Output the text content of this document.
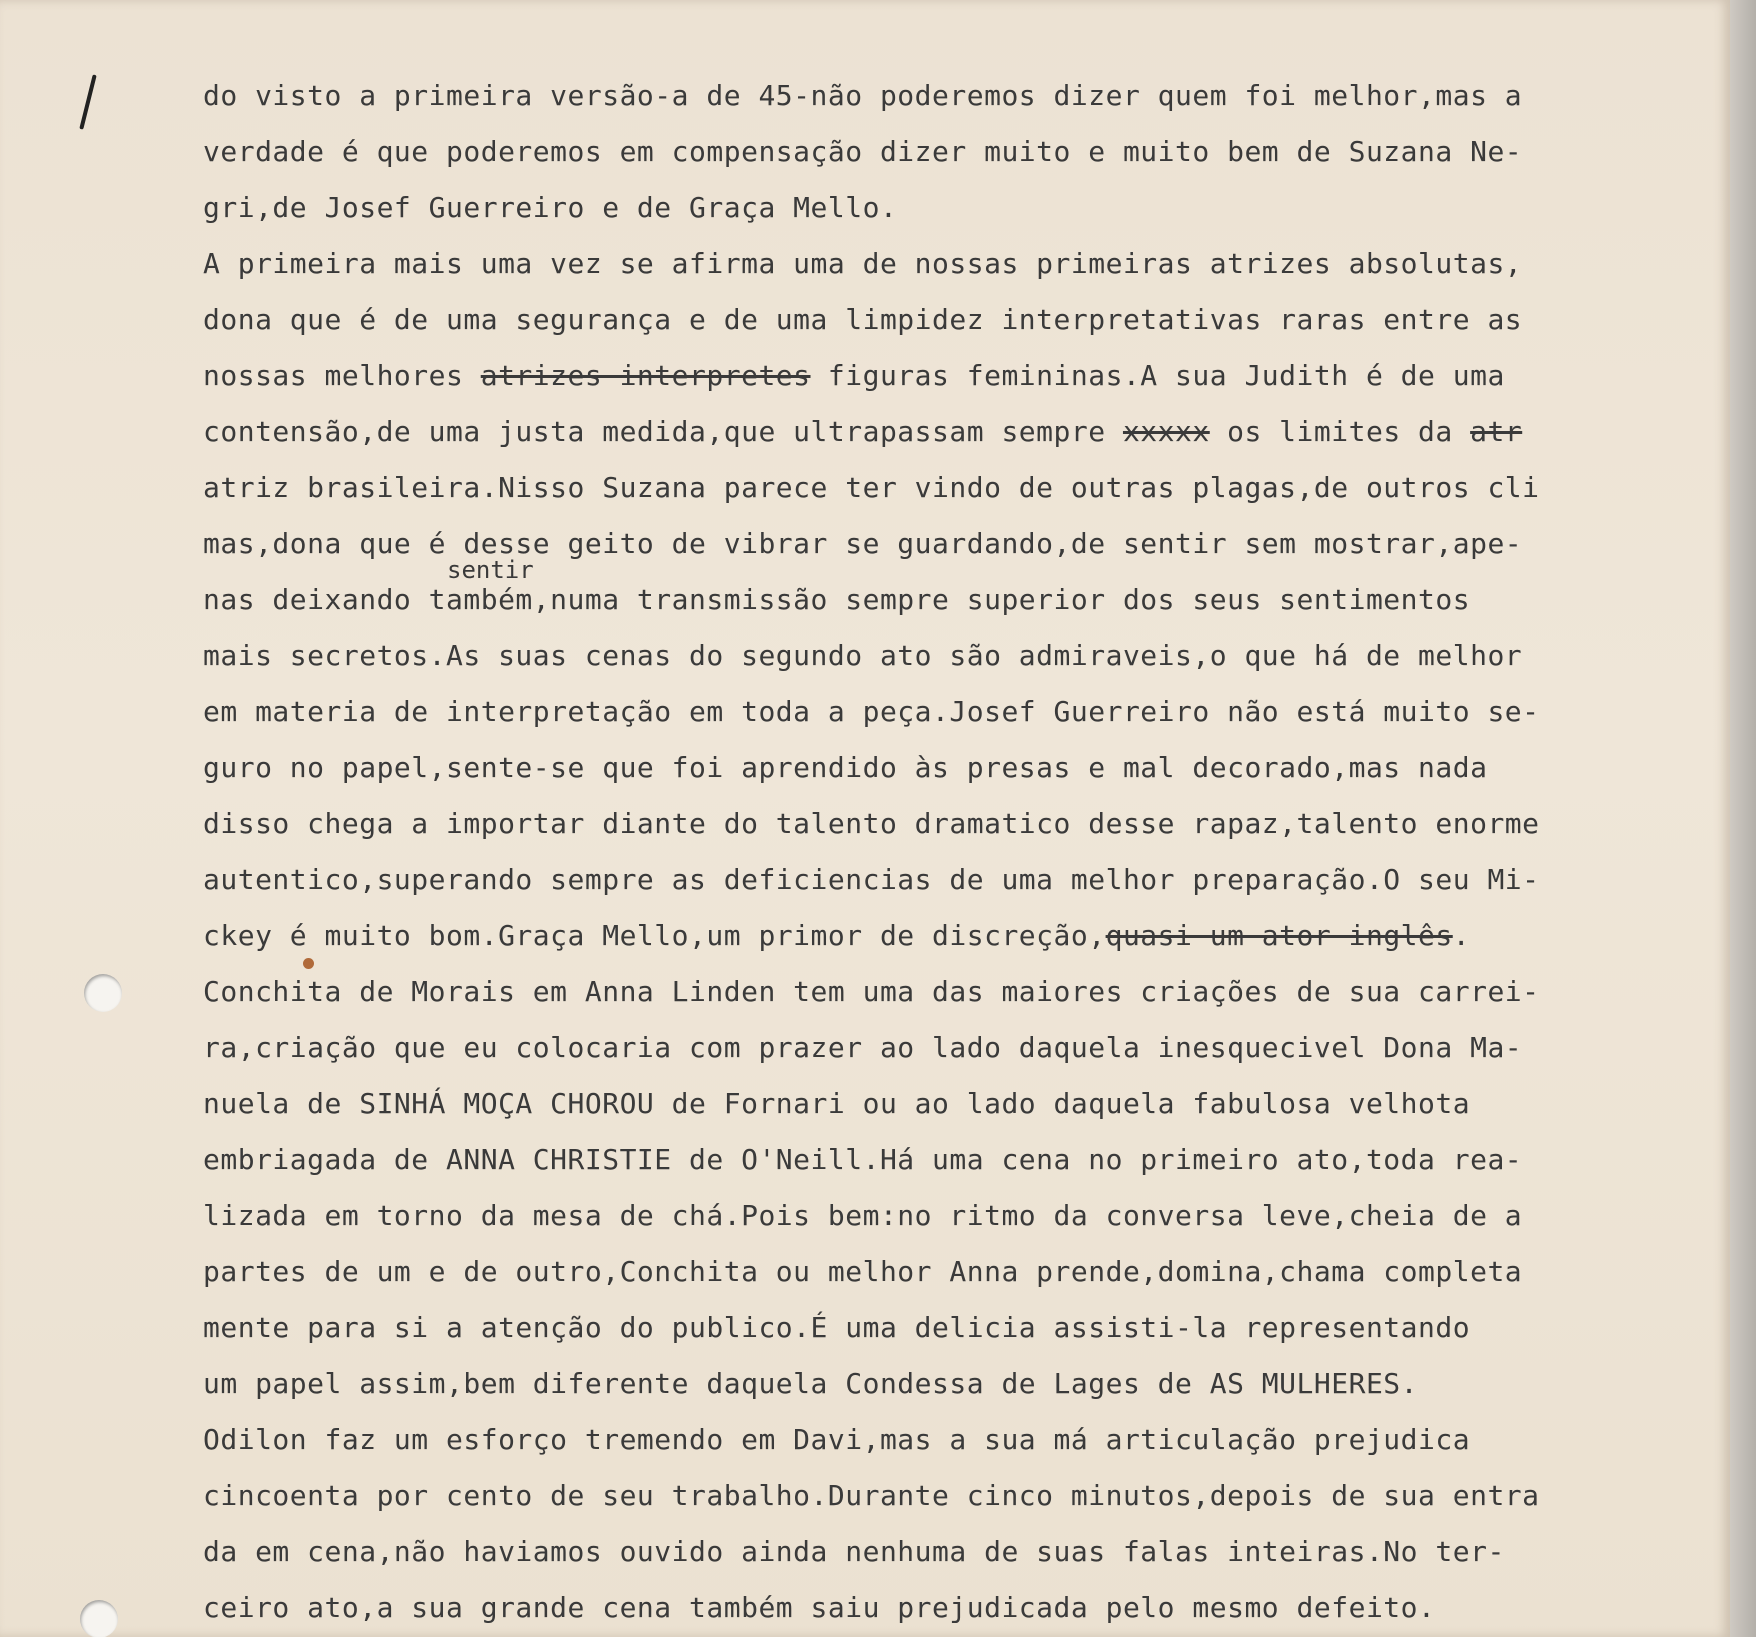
do visto a primeira versão-a de 45-não poderemos dizer quem foi melhor,mas a
verdade é que poderemos em compensação dizer muito e muito bem de Suzana Ne-
gri,de Josef Guerreiro e de Graça Mello.
A primeira mais uma vez se afirma uma de nossas primeiras atrizes absolutas,
dona que é de uma segurança e de uma limpidez interpretativas raras entre as
nossas melhores atrizes interpretes figuras femininas.A sua Judith é de uma
contensão,de uma justa medida,que ultrapassam sempre xxxxx os limites da atr
atriz brasileira.Nisso Suzana parece ter vindo de outras plagas,de outros cli
mas,dona que é desse geito de vibrar se guardando,de sentir sem mostrar,ape-
nas deixando também,numa transmissão sempre superior dos seus sentimentos
mais secretos.As suas cenas do segundo ato são admiraveis,o que há de melhor
em materia de interpretação em toda a peça.Josef Guerreiro não está muito se-
guro no papel,sente-se que foi aprendido às presas e mal decorado,mas nada
disso chega a importar diante do talento dramatico desse rapaz,talento enorme
autentico,superando sempre as deficiencias de uma melhor preparação.O seu Mi-
ckey é muito bom.Graça Mello,um primor de discreção,quasi um ator inglês.
Conchita de Morais em Anna Linden tem uma das maiores criações de sua carrei-
ra,criação que eu colocaria com prazer ao lado daquela inesquecivel Dona Ma-
nuela de SINHÁ MOÇA CHOROU de Fornari ou ao lado daquela fabulosa velhota
embriagada de ANNA CHRISTIE de O'Neill.Há uma cena no primeiro ato,toda rea-
lizada em torno da mesa de chá.Pois bem:no ritmo da conversa leve,cheia de a
partes de um e de outro,Conchita ou melhor Anna prende,domina,chama completa
mente para si a atenção do publico.É uma delicia assisti-la representando
um papel assim,bem diferente daquela Condessa de Lages de AS MULHERES.
Odilon faz um esforço tremendo em Davi,mas a sua má articulação prejudica
cincoenta por cento de seu trabalho.Durante cinco minutos,depois de sua entra
da em cena,não haviamos ouvido ainda nenhuma de suas falas inteiras.No ter-
ceiro ato,a sua grande cena também saiu prejudicada pelo mesmo defeito.
sentir
